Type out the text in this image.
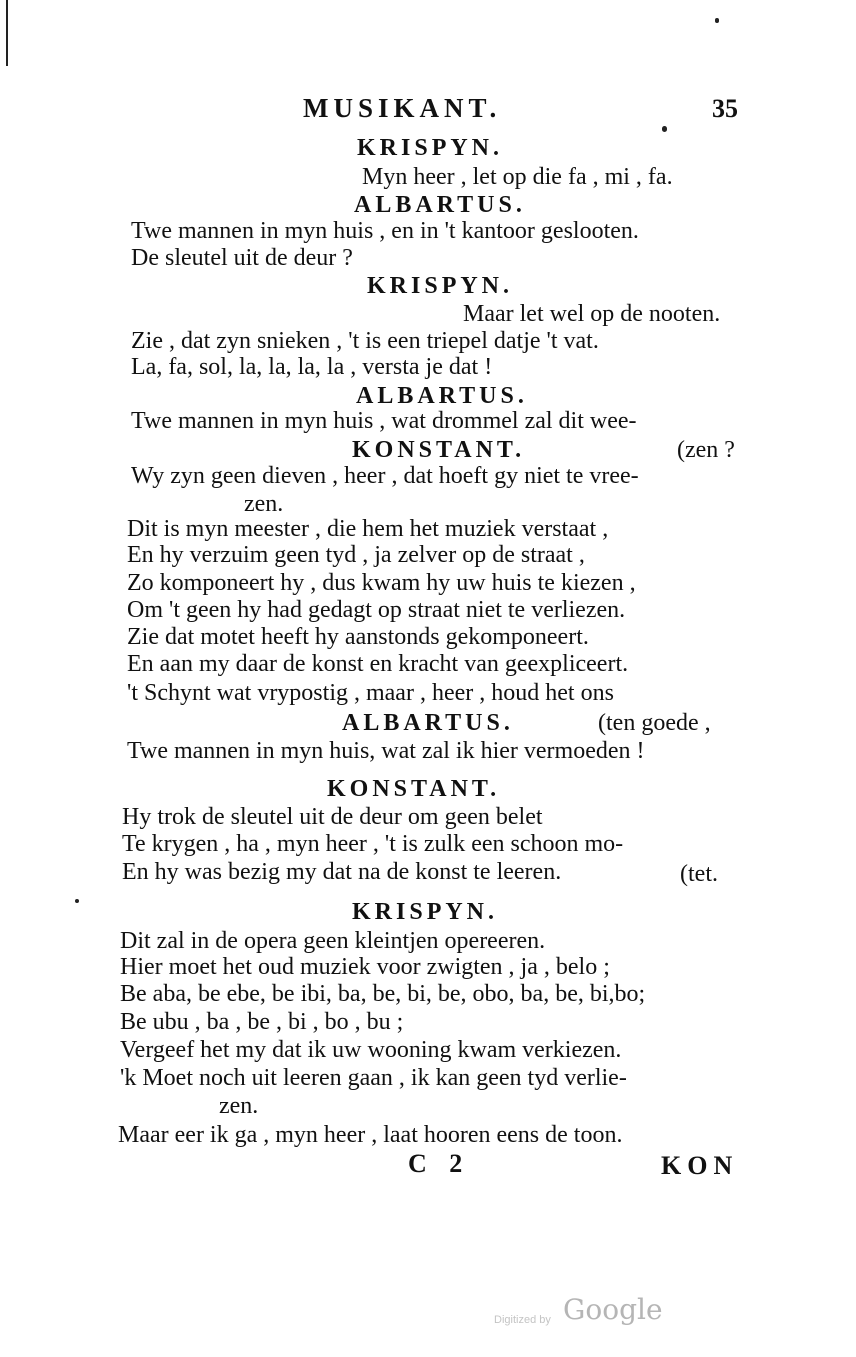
MUSIKANT.	35
KRISPYN.
Myn heer , let op die fa , mi , fa.
ALBARTUS.
Twe mannen in myn huis , en in 't kantoor geslooten.
De sleutel uit de deur ?
KRISPYN.
Maar let wel op de nooten.
Zie , dat zyn snieken , 't is een triepel datje 't vat.
La, fa, sol, la, la, la, la , versta je dat !
ALBARTUS.
Twe mannen in myn huis , wat drommel zal dit wee-
KONSTANT.	(zen ?
Wy zyn geen dieven , heer , dat hoeft gy niet te vree-
zen.
Dit is myn meester , die hem het muziek verstaat ,
En hy verzuim geen tyd , ja zelver op de straat ,
Zo komponeert hy , dus kwam hy uw huis te kiezen ,
Om 't geen hy had gedagt op straat niet te verliezen.
Zie dat motet heeft hy aanstonds gekomponeert.
En aan my daar de konst en kracht van geexpliceert.
't Schynt wat vrypostig , maar , heer , houd het ons
ALBARTUS.	(ten goede ,
Twe mannen in myn huis, wat zal ik hier vermoeden !
KONSTANT.
Hy trok de sleutel uit de deur om geen belet
Te krygen , ha , myn heer , 't is zulk een schoon mo-
En hy was bezig my dat na de konst te leeren.	(tet.
KRISPYN.
Dit zal in de opera geen kleintjen opereeren.
Hier moet het oud muziek voor zwigten , ja , belo ;
Be aba, be ebe, be ibi, ba, be, bi, be, obo, ba, be, bi,bo;
Be ubu , ba , be , bi , bo , bu ;
Vergeef het my dat ik uw wooning kwam verkiezen.
'k Moet noch uit leeren gaan , ik kan geen tyd verlie-
zen.
Maar eer ik ga , myn heer , laat hooren eens de toon.
C 2	KON
Digitized by Google
